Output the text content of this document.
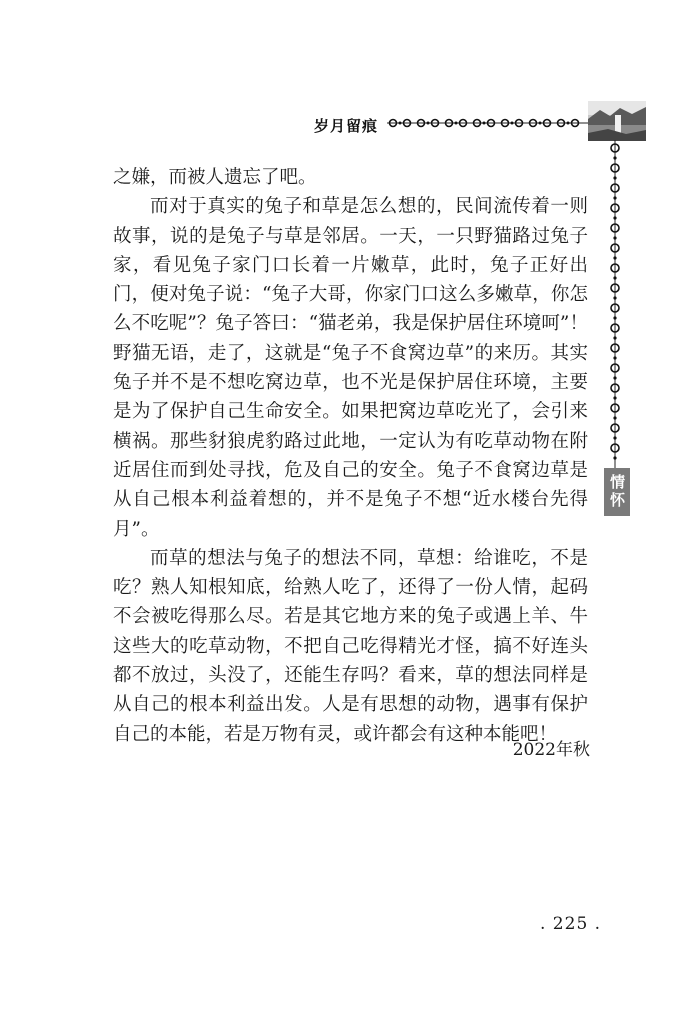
岁月留痕
情怀

之嫌，而被人遗忘了吧。

而对于真实的兔子和草是怎么想的，民间流传着一则故事，说的是兔子与草是邻居。一天，一只野猫路过兔子家，看见兔子家门口长着一片嫩草，此时，兔子正好出门，便对兔子说：“兔子大哥，你家门口这么多嫩草，你怎么不吃呢”？兔子答曰：“猫老弟，我是保护居住环境呵”！野猫无语，走了，这就是“兔子不食窝边草”的来历。其实兔子并不是不想吃窝边草，也不光是保护居住环境，主要是为了保护自己生命安全。如果把窝边草吃光了，会引来横祸。那些豺狼虎豹路过此地，一定认为有吃草动物在附近居住而到处寻找，危及自己的安全。兔子不食窝边草是从自己根本利益着想的，并不是兔子不想“近水楼台先得月”。

而草的想法与兔子的想法不同，草想：给谁吃，不是吃？熟人知根知底，给熟人吃了，还得了一份人情，起码不会被吃得那么尽。若是其它地方来的兔子或遇上羊、牛这些大的吃草动物，不把自己吃得精光才怪，搞不好连头都不放过，头没了，还能生存吗？看来，草的想法同样是从自己的根本利益出发。人是有思想的动物，遇事有保护自己的本能，若是万物有灵，或许都会有这种本能吧！

2022年秋
. 225 .
